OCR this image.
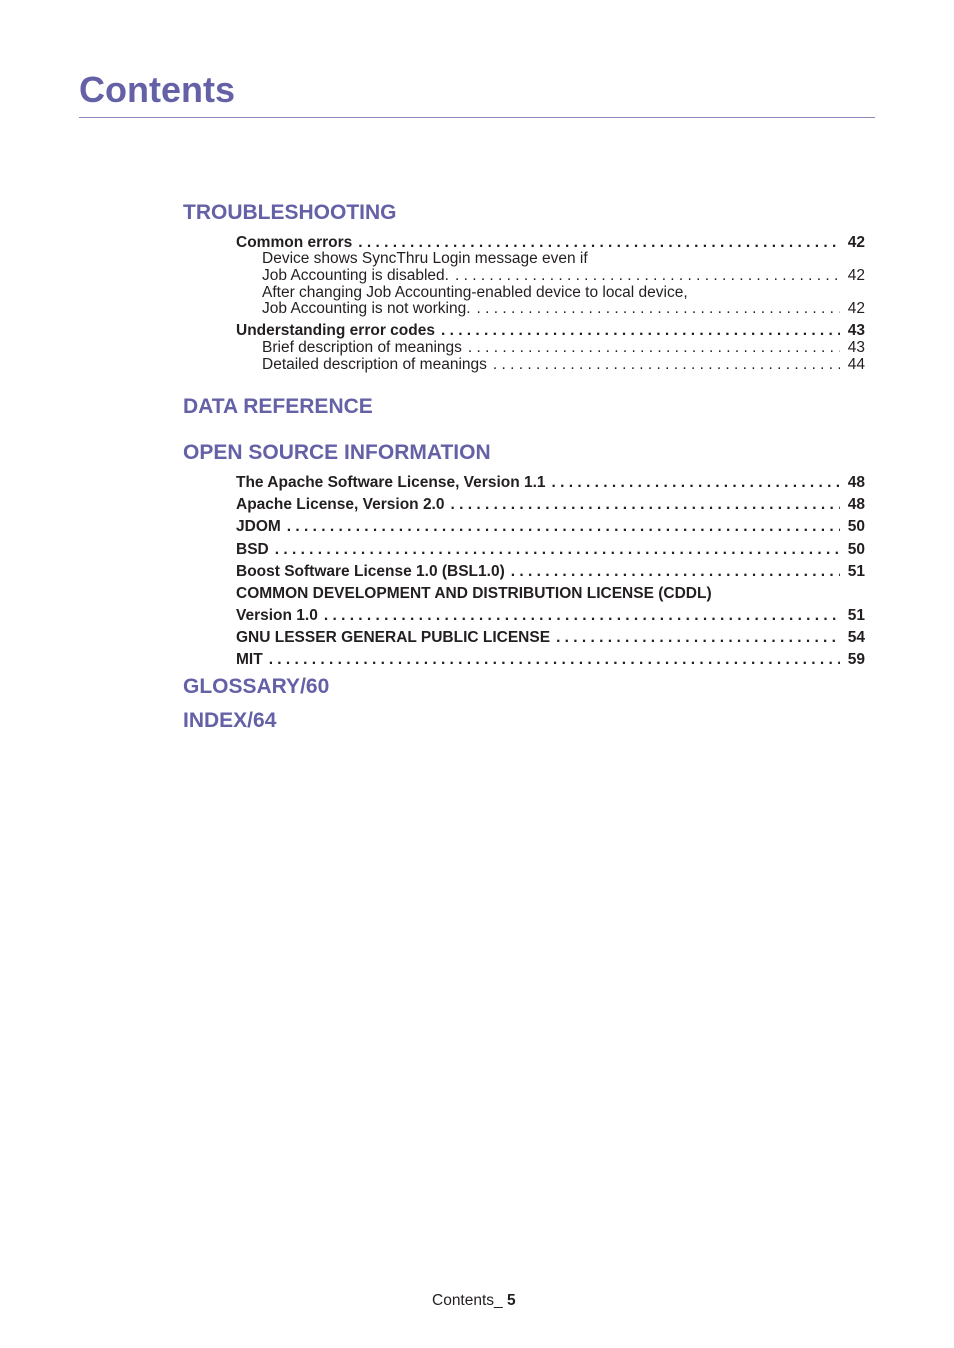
Contents
TROUBLESHOOTING
Common errors . . .	42
Device shows SyncThru Login message even if
Job Accounting is disabled. . . .	42
After changing Job Accounting-enabled device to local device,
Job Accounting is not working. . . .	42
Understanding error codes . . .	43
Brief description of meanings . . .	43
Detailed description of meanings . . .	44
DATA REFERENCE
OPEN SOURCE INFORMATION
The Apache Software License, Version 1.1 . . .	48
Apache License, Version 2.0 . . .	48
JDOM . . .	50
BSD . . .	50
Boost Software License 1.0 (BSL1.0) . . .	51
COMMON DEVELOPMENT AND DISTRIBUTION LICENSE (CDDL)
Version 1.0 . . .	51
GNU LESSER GENERAL PUBLIC LICENSE . . .	54
MIT . . .	59
GLOSSARY/60
INDEX/64
Contents_ 5
